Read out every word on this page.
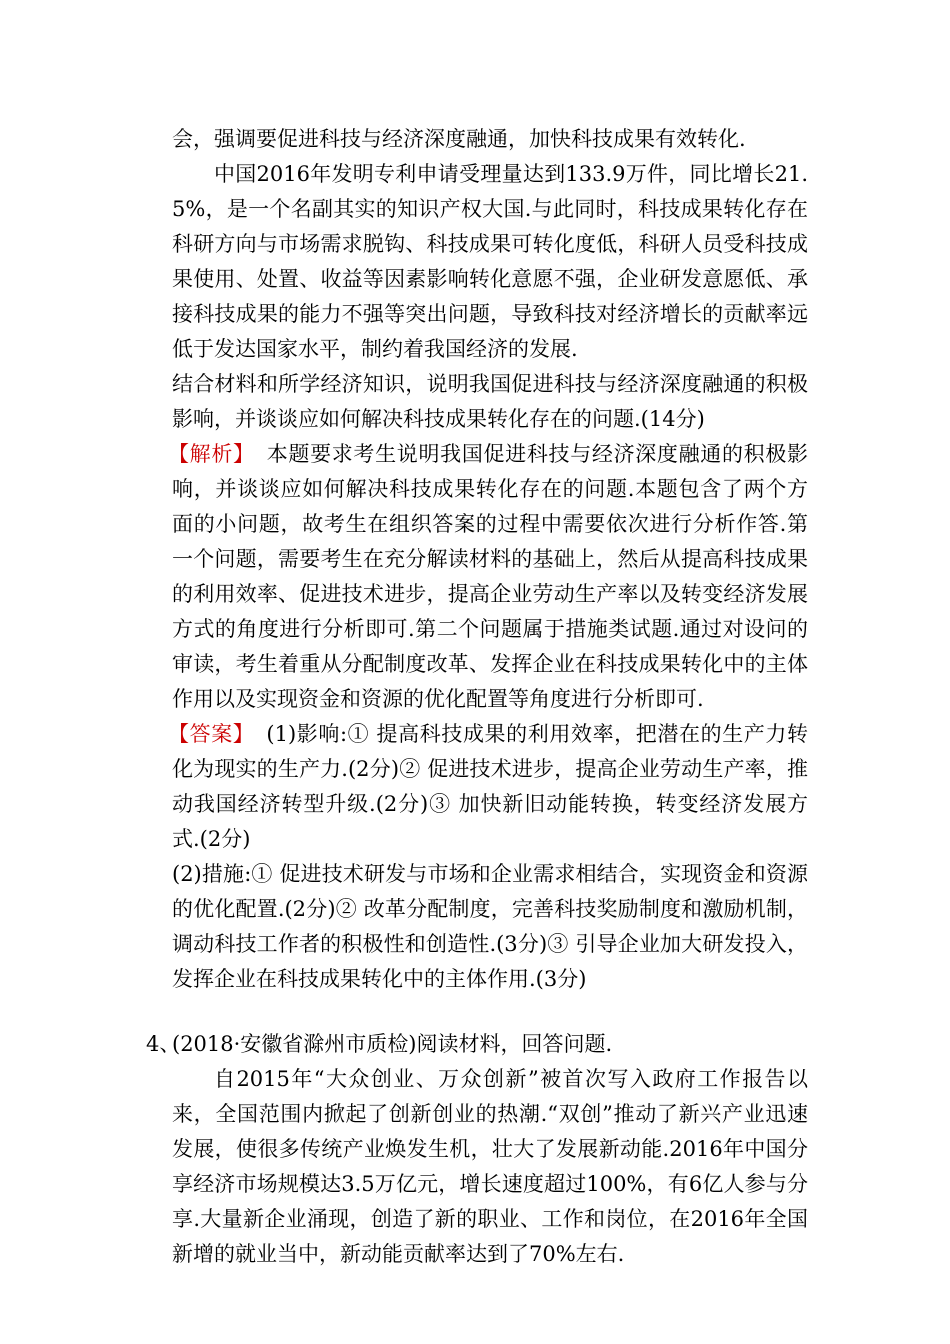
会，强调要促进科技与经济深度融通，加快科技成果有效转化.

中国2016年发明专利申请受理量达到133.9万件，同比增长21.5%，是一个名副其实的知识产权大国.与此同时，科技成果转化存在科研方向与市场需求脱钩、科技成果可转化度低，科研人员受科技成果使用、处置、收益等因素影响转化意愿不强，企业研发意愿低、承接科技成果的能力不强等突出问题，导致科技对经济增长的贡献率远低于发达国家水平，制约着我国经济的发展.

结合材料和所学经济知识，说明我国促进科技与经济深度融通的积极影响，并谈谈应如何解决科技成果转化存在的问题.(14分)

【解析】 本题要求考生说明我国促进科技与经济深度融通的积极影响，并谈谈应如何解决科技成果转化存在的问题.本题包含了两个方面的小问题，故考生在组织答案的过程中需要依次进行分析作答.第一个问题，需要考生在充分解读材料的基础上，然后从提高科技成果的利用效率、促进技术进步，提高企业劳动生产率以及转变经济发展方式的角度进行分析即可.第二个问题属于措施类试题.通过对设问的审读，考生着重从分配制度改革、发挥企业在科技成果转化中的主体作用以及实现资金和资源的优化配置等角度进行分析即可.

【答案】 (1)影响:① 提高科技成果的利用效率，把潜在的生产力转化为现实的生产力.(2分)② 促进技术进步，提高企业劳动生产率，推动我国经济转型升级.(2分)③ 加快新旧动能转换，转变经济发展方式.(2分)

(2)措施:① 促进技术研发与市场和企业需求相结合，实现资金和资源的优化配置.(2分)② 改革分配制度，完善科技奖励制度和激励机制，调动科技工作者的积极性和创造性.(3分)③ 引导企业加大研发投入，发挥企业在科技成果转化中的主体作用.(3分)

4、

(2018·安徽省滁州市质检)阅读材料，回答问题.

自2015年“大众创业、万众创新”被首次写入政府工作报告以来，全国范围内掀起了创新创业的热潮.“双创”推动了新兴产业迅速发展，使很多传统产业焕发生机，壮大了发展新动能.2016年中国分享经济市场规模达3.5万亿元，增长速度超过100%，有6亿人参与分享.大量新企业涌现，创造了新的职业、工作和岗位，在2016年全国新增的就业当中，新动能贡献率达到了70%左右.
